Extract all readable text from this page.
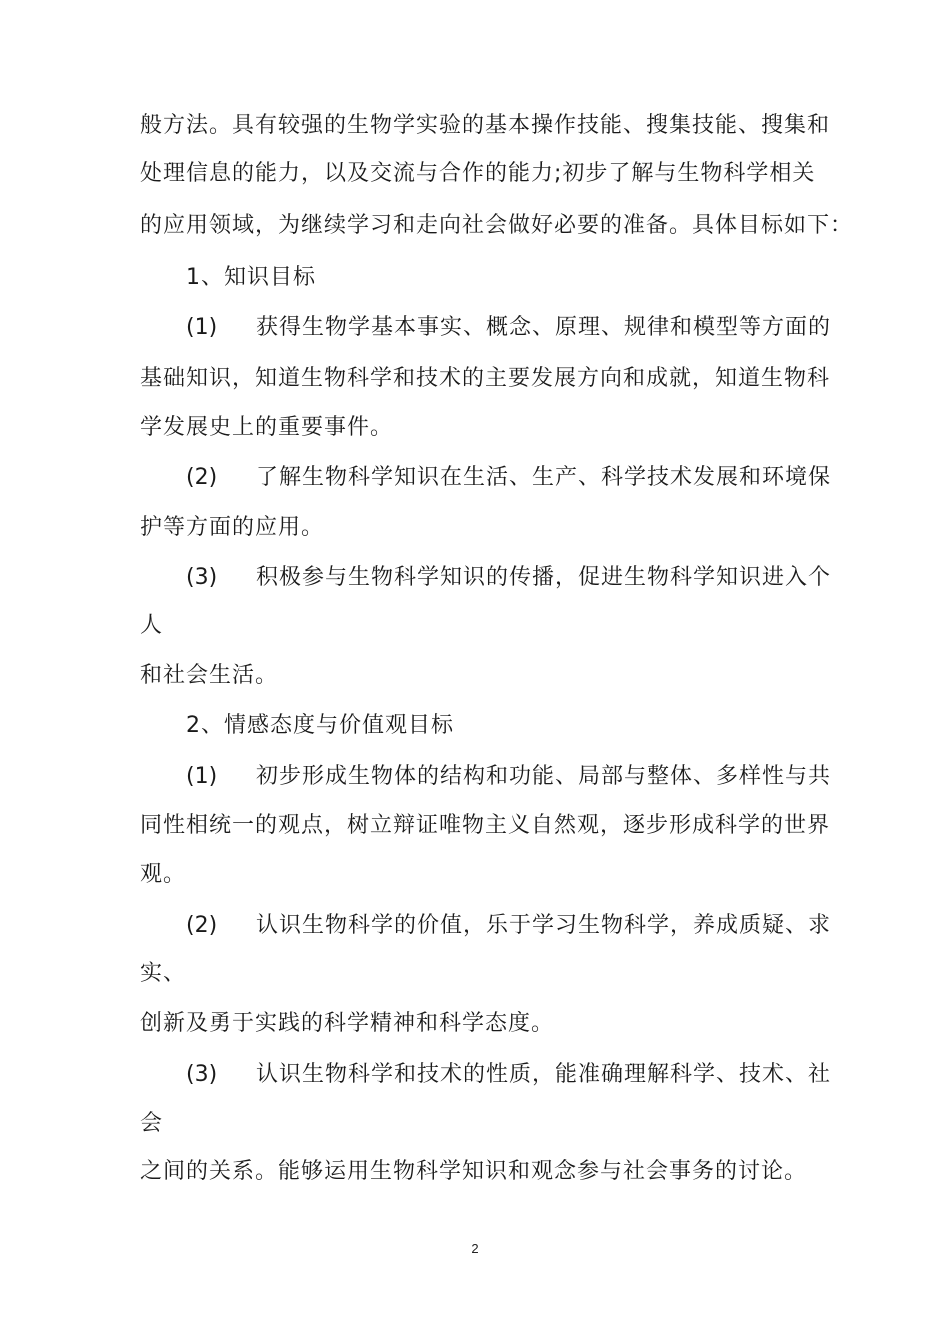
般方法。具有较强的生物学实验的基本操作技能、搜集技能、搜集和
处理信息的能力，以及交流与合作的能力;初步了解与生物科学相关
的应用领域，为继续学习和走向社会做好必要的准备。具体目标如下：
1、知识目标
(1) 获得生物学基本事实、概念、原理、规律和模型等方面的
基础知识，知道生物科学和技术的主要发展方向和成就，知道生物科
学发展史上的重要事件。
(2) 了解生物科学知识在生活、生产、科学技术发展和环境保
护等方面的应用。
(3) 积极参与生物科学知识的传播，促进生物科学知识进入个
人
和社会生活。
2、情感态度与价值观目标
(1) 初步形成生物体的结构和功能、局部与整体、多样性与共
同性相统一的观点，树立辩证唯物主义自然观，逐步形成科学的世界
观。
(2) 认识生物科学的价值，乐于学习生物科学，养成质疑、求
实、
创新及勇于实践的科学精神和科学态度。
(3) 认识生物科学和技术的性质，能准确理解科学、技术、社
会
之间的关系。能够运用生物科学知识和观念参与社会事务的讨论。
2
